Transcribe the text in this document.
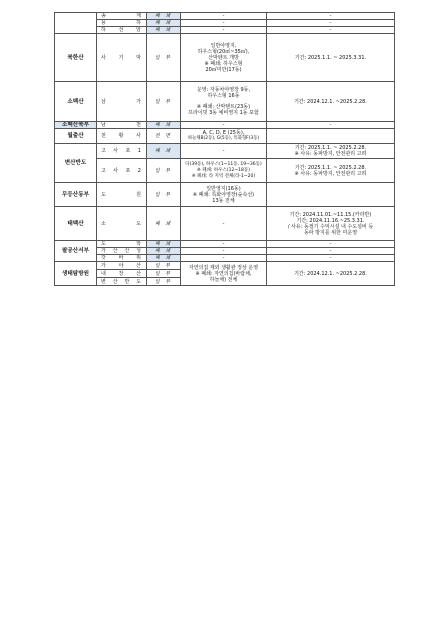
	송 계	폐 쇄	-	-
	용 하	폐 쇄	-	-
	하 선 암	폐 쇄	-	-
북한산	사 기 막	일 부	일반야영지,
하우스형(20㎡~35㎡),
산막텐트 개방
※ 폐쇄: 하우스형
20㎡미만(17동)	기간: 2025.1.1. ~ 2025.3.31.
소백산	삼 가	일 부	운영: 자동차야영장 9동,
하우스형 16동
※ 폐쇄: 산막텐트(23동)
프라이빗 3동 예비영지 1동 포함	기간: 2024.12.1. ~2025.2.28.
소백산북부	남 천	폐 쇄	-	-
월출산	천 황 사	전 면	A, C, D, E (25동),
하늘채B(2동), G(5동), 특화형F(3동)	

변산반도	고 사 포 1	폐 쇄	-	기간: 2025.1.1. ~ 2025.2.28.
※ 사유: 동파방지, 안전관리 고려

	고 사 포 2	일 부	다(39동), 하우스(1~11동, 19~36동)
※ 폐쇄: 하우스(12~18동)
※ 폐쇄: 라 지역 전체(라-1~20)	기간: 2025.1.1. ~ 2025.2.28.
※ 사유: 동파방지, 안전관리 고려

무등산동부	도 원	일 부	일반영지(16동)
※ 폐쇄: 특화야영장(숲속선)
13동 전체	

태백산	소 도	폐 쇄	-	기간: 2024.11.01.~11.15.(카라반)
기간: 2024.11.16.~25.3.31.
/ 사유: 동절기 수익시설 내 수도설비 등
동파 방지를 위한 미운영

팔공산서부	도 학	폐 쇄	-	-
	가 산 산 성	폐 쇄	-	-
	갓 바 위	폐 쇄	-	-
생태탐방원	가 야 산	일 부	자연의집 제외 생활관 정상 운영
※ 폐쇄: 자연의집(바람채,
하늘채) 전체	기간: 2024.12.1. ~2025.2.28.
	내 장 산	일 부		
	변 산 반 도	일 부		
